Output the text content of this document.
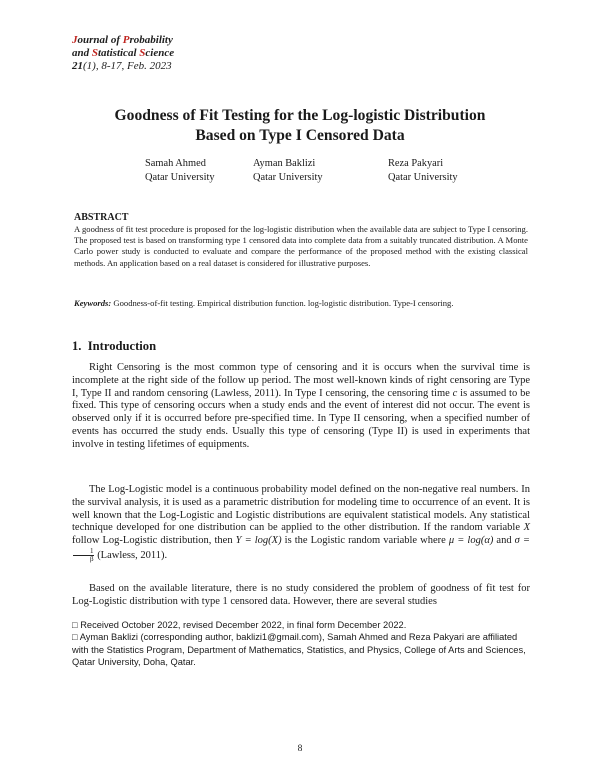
Journal of Probability
and Statistical Science
21(1), 8-17, Feb. 2023
Goodness of Fit Testing for the Log-logistic Distribution
Based on Type I Censored Data
Samah Ahmed
Qatar University
Ayman Baklizi
Qatar University
Reza Pakyari
Qatar University
ABSTRACT
A goodness of fit test procedure is proposed for the log-logistic distribution when the available data are subject to Type I censoring. The proposed test is based on transforming type 1 censored data into complete data from a suitably truncated distribution. A Monte Carlo power study is conducted to evaluate and compare the performance of the proposed method with the existing classical methods. An application based on a real dataset is considered for illustrative purposes.
Keywords: Goodness-of-fit testing. Empirical distribution function. log-logistic distribution. Type-I censoring.
1. Introduction
Right Censoring is the most common type of censoring and it is occurs when the survival time is incomplete at the right side of the follow up period. The most well-known kinds of right censoring are Type I, Type II and random censoring (Lawless, 2011). In Type I censoring, the censoring time c is assumed to be fixed. This type of censoring occurs when a study ends and the event of interest did not occur. The event is observed only if it is occurred before pre-specified time. In Type II censoring, when a specified number of events has occurred the study ends. Usually this type of censoring (Type II) is used in experiments that involve in testing lifetimes of equipments.
The Log-Logistic model is a continuous probability model defined on the non-negative real numbers. In the survival analysis, it is used as a parametric distribution for modeling time to occurrence of an event. It is well known that the Log-Logistic and Logistic distributions are equivalent statistical models. Any statistical technique developed for one distribution can be applied to the other distribution. If the random variable X follow Log-Logistic distribution, then Y = log(X) is the Logistic random variable where μ = log(α) and σ =
$\frac{1}{\beta}$ (Lawless, 2011).
Based on the available literature, there is no study considered the problem of goodness of fit test for Log-Logistic distribution with type 1 censored data. However, there are several studies
□ Received October 2022, revised December 2022, in final form December 2022.
□ Ayman Baklizi (corresponding author, baklizi1@gmail.com), Samah Ahmed and Reza Pakyari are affiliated with the Statistics Program, Department of Mathematics, Statistics, and Physics, College of Arts and Sciences, Qatar University, Doha, Qatar.
8
